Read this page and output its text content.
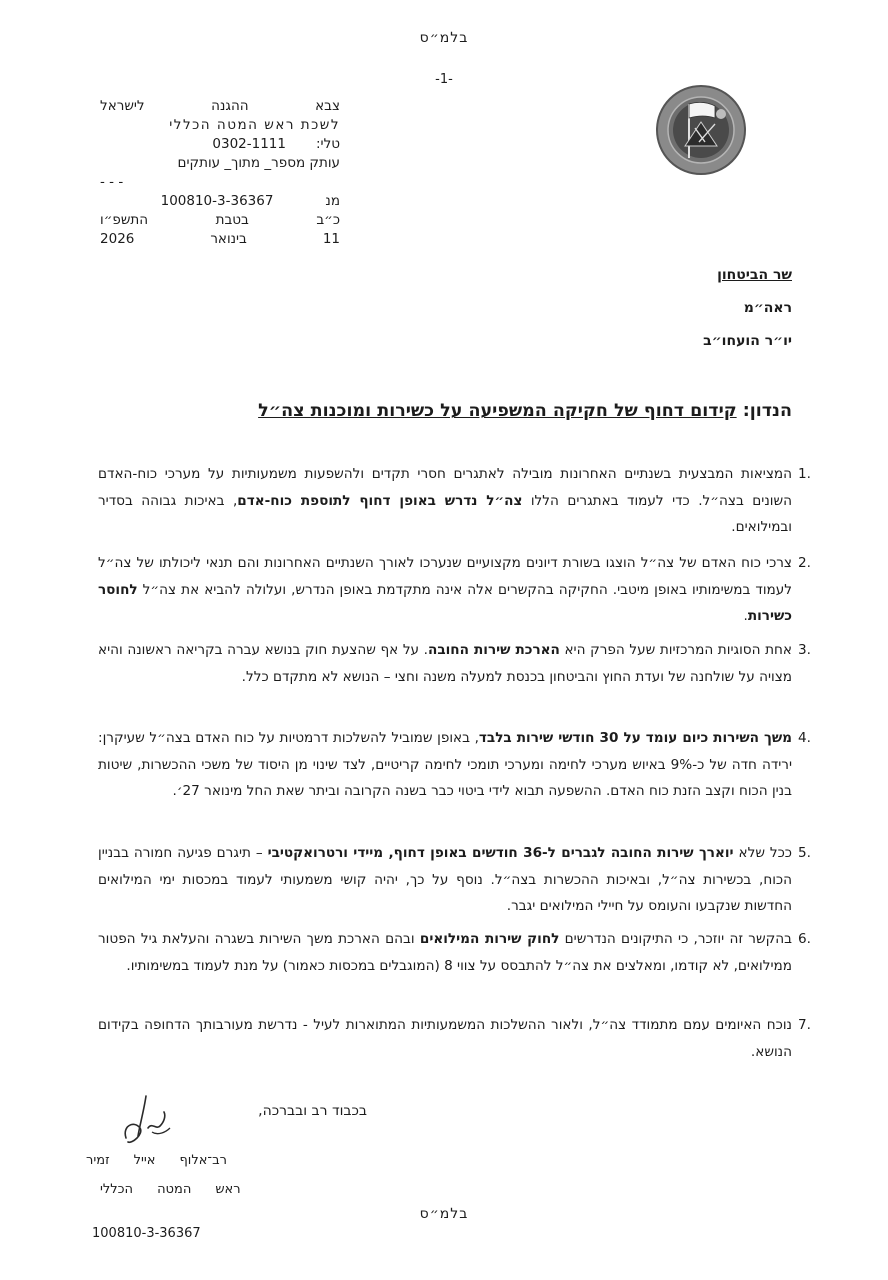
בלמ״ס
-1-
צבא
ההגנה
לישראל
לשכת ראש המטה הכללי
טלי:
0302-1111
עותק מספר_ מתוך_ עותקים
- - -
מנ
100810-3-36367
כ״ב
בטבת
התשפ״ו
11
בינואר
2026
שר הביטחון
ראה״מ
יו״ר הועחו״ב
הנדון: קידום דחוף של חקיקה המשפיעה על כשירות ומוכנות צה״ל
1.
המציאות המבצעית בשנתיים האחרונות מובילה לאתגרים חסרי תקדים ולהשפעות משמעותיות על מערכי כוח-האדם השונים בצה״ל. כדי לעמוד באתגרים הללו צה״ל נדרש באופן דחוף לתוספת כוח-אדם, באיכות גבוהה בסדיר ובמילואים.
2.
צרכי כוח האדם של צה״ל הוצגו בשורת דיונים מקצועיים שנערכו לאורך השנתיים האחרונות והם תנאי ליכולתו של צה״ל לעמוד במשימותיו באופן מיטבי. החקיקה בהקשרים אלה אינה מתקדמת באופן הנדרש, ועלולה להביא את צה״ל לחוסר כשירות.
3.
אחת הסוגיות המרכזיות שעל הפרק היא הארכת שירות החובה. על אף שהצעת חוק בנושא עברה בקריאה ראשונה והיא מצויה על שולחנה של ועדת החוץ והביטחון בכנסת למעלה משנה וחצי – הנושא לא מתקדם כלל.
4.
משך השירות כיום עומד על 30 חודשי שירות בלבד, באופן שמוביל להשלכות דרמטיות על כוח האדם בצה״ל שעיקרן: ירידה חדה של כ-9% באיוש מערכי לחימה ומערכי תומכי לחימה קריטיים, לצד שינוי מן היסוד של משכי ההכשרות, שיטות בנין הכוח וקצב הזנת כוח האדם. ההשפעה תבוא לידי ביטוי כבר בשנה הקרובה וביתר שאת החל מינואר 27׳.
5.
ככל שלא יוארך שירות החובה לגברים ל-36 חודשים באופן דחוף, מיידי ורטרואקטיבי – תיגרם פגיעה חמורה בבניין הכוח, בכשירות צה״ל, ובאיכות ההכשרות בצה״ל. נוסף על כך, יהיה קושי משמעותי לעמוד במכסות ימי המילואים החדשות שנקבעו והעומס על חיילי המילואים יגבר.
6.
בהקשר זה יוזכר, כי התיקונים הנדרשים לחוק שירות המילואים ובהם הארכת משך השירות בשגרה והעלאת גיל הפטור ממילואים, לא קודמו, ומאלצים את צה״ל להתבסס על צווי 8 (המוגבלים במכסות כאמור) על מנת לעמוד במשימותיו.
7.
נוכח האיומים עמם מתמודד צה״ל, ולאור ההשלכות המשמעותיות המתוארות לעיל - נדרשת מעורבותך הדחופה בקידום הנושא.
בכבוד רב ובברכה,
רב־אלוף
אייל
זמיר
ראש
המטה
הכללי
בלמ״ס
100810-3-36367
